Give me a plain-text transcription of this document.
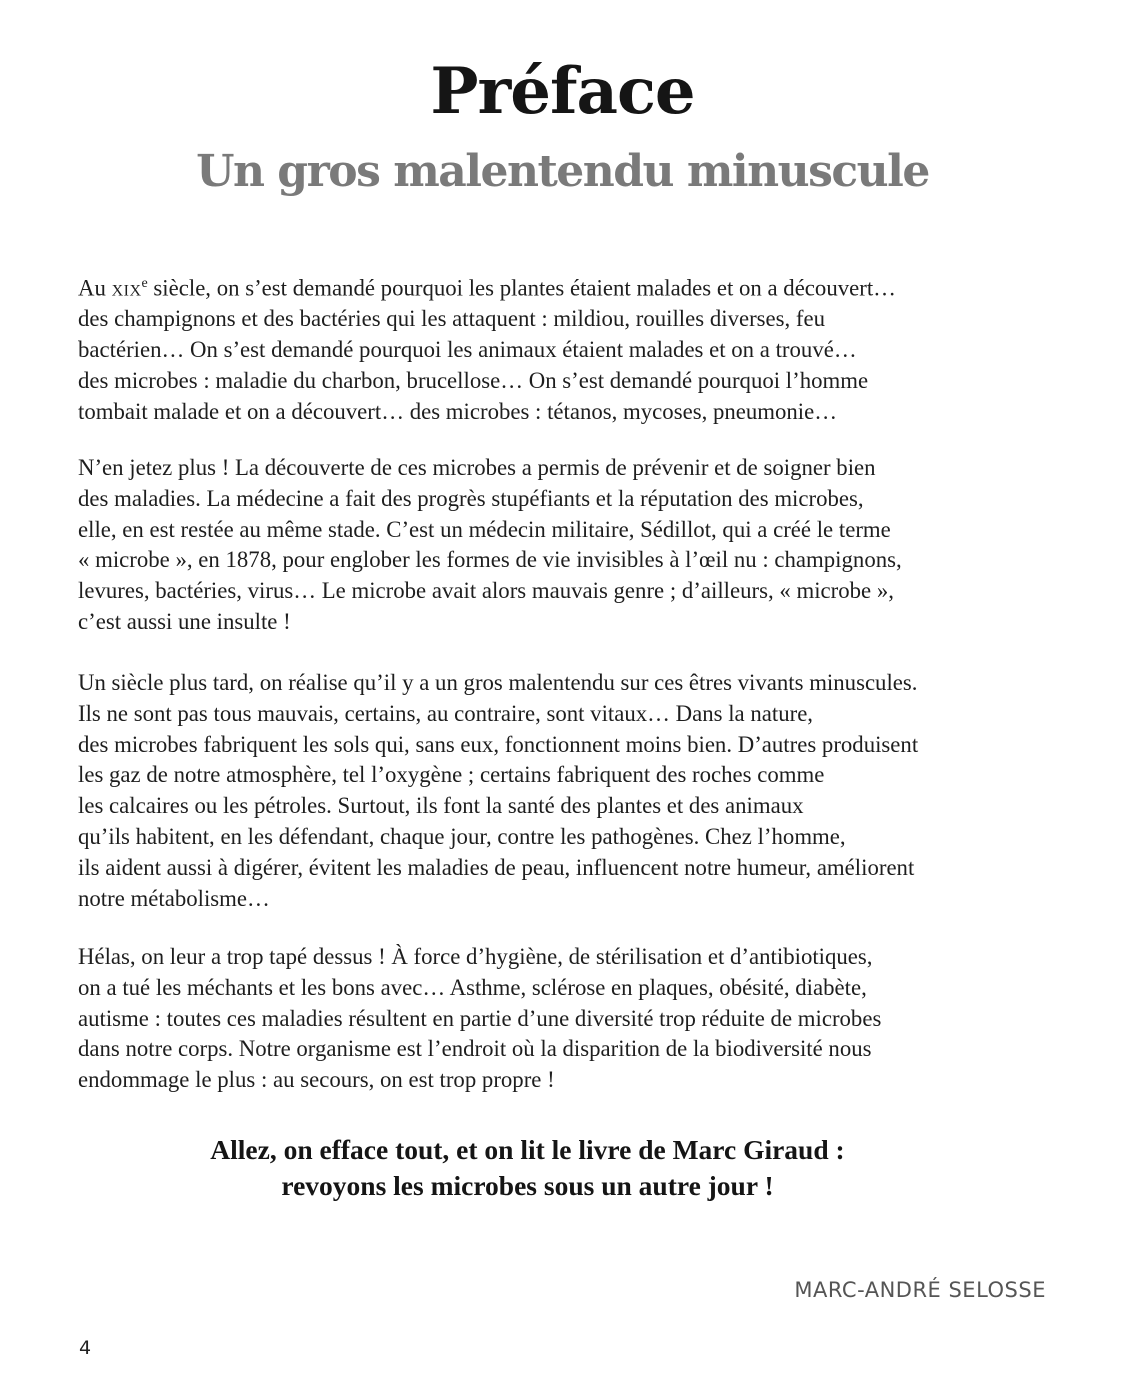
Préface
Un gros malentendu minuscule
Au xix$^e$ siècle, on s’est demandé pourquoi les plantes étaient malades et on a découvert…
des champignons et des bactéries qui les attaquent : mildiou, rouilles diverses, feu
bactérien… On s’est demandé pourquoi les animaux étaient malades et on a trouvé…
des microbes : maladie du charbon, brucellose… On s’est demandé pourquoi l’homme
tombait malade et on a découvert… des microbes : tétanos, mycoses, pneumonie…
N’en jetez plus ! La découverte de ces microbes a permis de prévenir et de soigner bien
des maladies. La médecine a fait des progrès stupéfiants et la réputation des microbes,
elle, en est restée au même stade. C’est un médecin militaire, Sédillot, qui a créé le terme
« microbe », en 1878, pour englober les formes de vie invisibles à l’œil nu : champignons,
levures, bactéries, virus… Le microbe avait alors mauvais genre ; d’ailleurs, « microbe »,
c’est aussi une insulte !
Un siècle plus tard, on réalise qu’il y a un gros malentendu sur ces êtres vivants minuscules.
Ils ne sont pas tous mauvais, certains, au contraire, sont vitaux… Dans la nature,
des microbes fabriquent les sols qui, sans eux, fonctionnent moins bien. D’autres produisent
les gaz de notre atmosphère, tel l’oxygène ; certains fabriquent des roches comme
les calcaires ou les pétroles. Surtout, ils font la santé des plantes et des animaux
qu’ils habitent, en les défendant, chaque jour, contre les pathogènes. Chez l’homme,
ils aident aussi à digérer, évitent les maladies de peau, influencent notre humeur, améliorent
notre métabolisme…
Hélas, on leur a trop tapé dessus ! À force d’hygiène, de stérilisation et d’antibiotiques,
on a tué les méchants et les bons avec… Asthme, sclérose en plaques, obésité, diabète,
autisme : toutes ces maladies résultent en partie d’une diversité trop réduite de microbes
dans notre corps. Notre organisme est l’endroit où la disparition de la biodiversité nous
endommage le plus : au secours, on est trop propre !
Allez, on efface tout, et on lit le livre de Marc Giraud :
revoyons les microbes sous un autre jour !
MARC-ANDRÉ SELOSSE
4
